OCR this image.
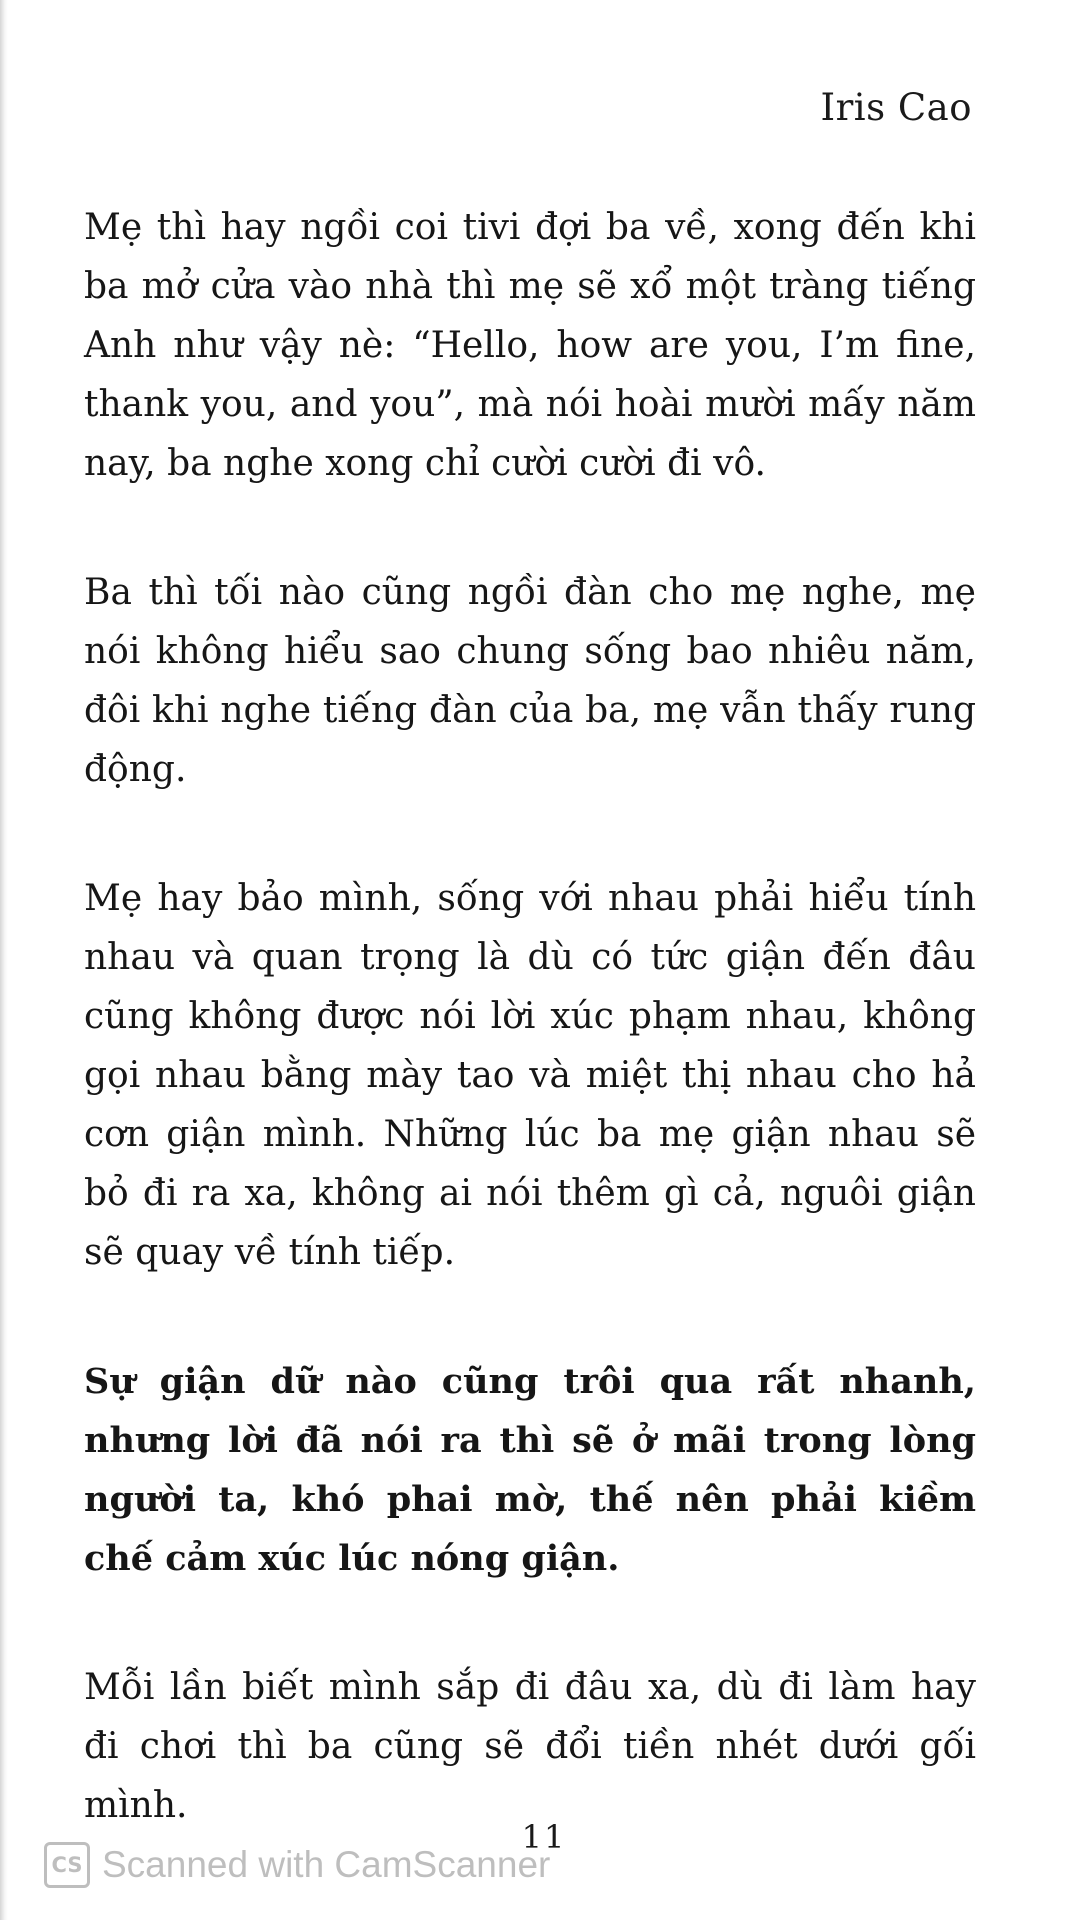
Iris Cao

Mẹ thì hay ngồi coi tivi đợi ba về, xong đến khi ba mở cửa vào nhà thì mẹ sẽ xổ một tràng tiếng Anh như vậy nè: “Hello, how are you, I’m fine, thank you, and you”, mà nói hoài mười mấy năm nay, ba nghe xong chỉ cười cười đi vô.

Ba thì tối nào cũng ngồi đàn cho mẹ nghe, mẹ nói không hiểu sao chung sống bao nhiêu năm, đôi khi nghe tiếng đàn của ba, mẹ vẫn thấy rung động.

Mẹ hay bảo mình, sống với nhau phải hiểu tính nhau và quan trọng là dù có tức giận đến đâu cũng không được nói lời xúc phạm nhau, không gọi nhau bằng mày tao và miệt thị nhau cho hả cơn giận mình. Những lúc ba mẹ giận nhau sẽ bỏ đi ra xa, không ai nói thêm gì cả, nguôi giận sẽ quay về tính tiếp.

Sự giận dữ nào cũng trôi qua rất nhanh, nhưng lời đã nói ra thì sẽ ở mãi trong lòng người ta, khó phai mờ, thế nên phải kiềm chế cảm xúc lúc nóng giận.

Mỗi lần biết mình sắp đi đâu xa, dù đi làm hay đi chơi thì ba cũng sẽ đổi tiền nhét dưới gối mình.

11
CS Scanned with CamScanner
